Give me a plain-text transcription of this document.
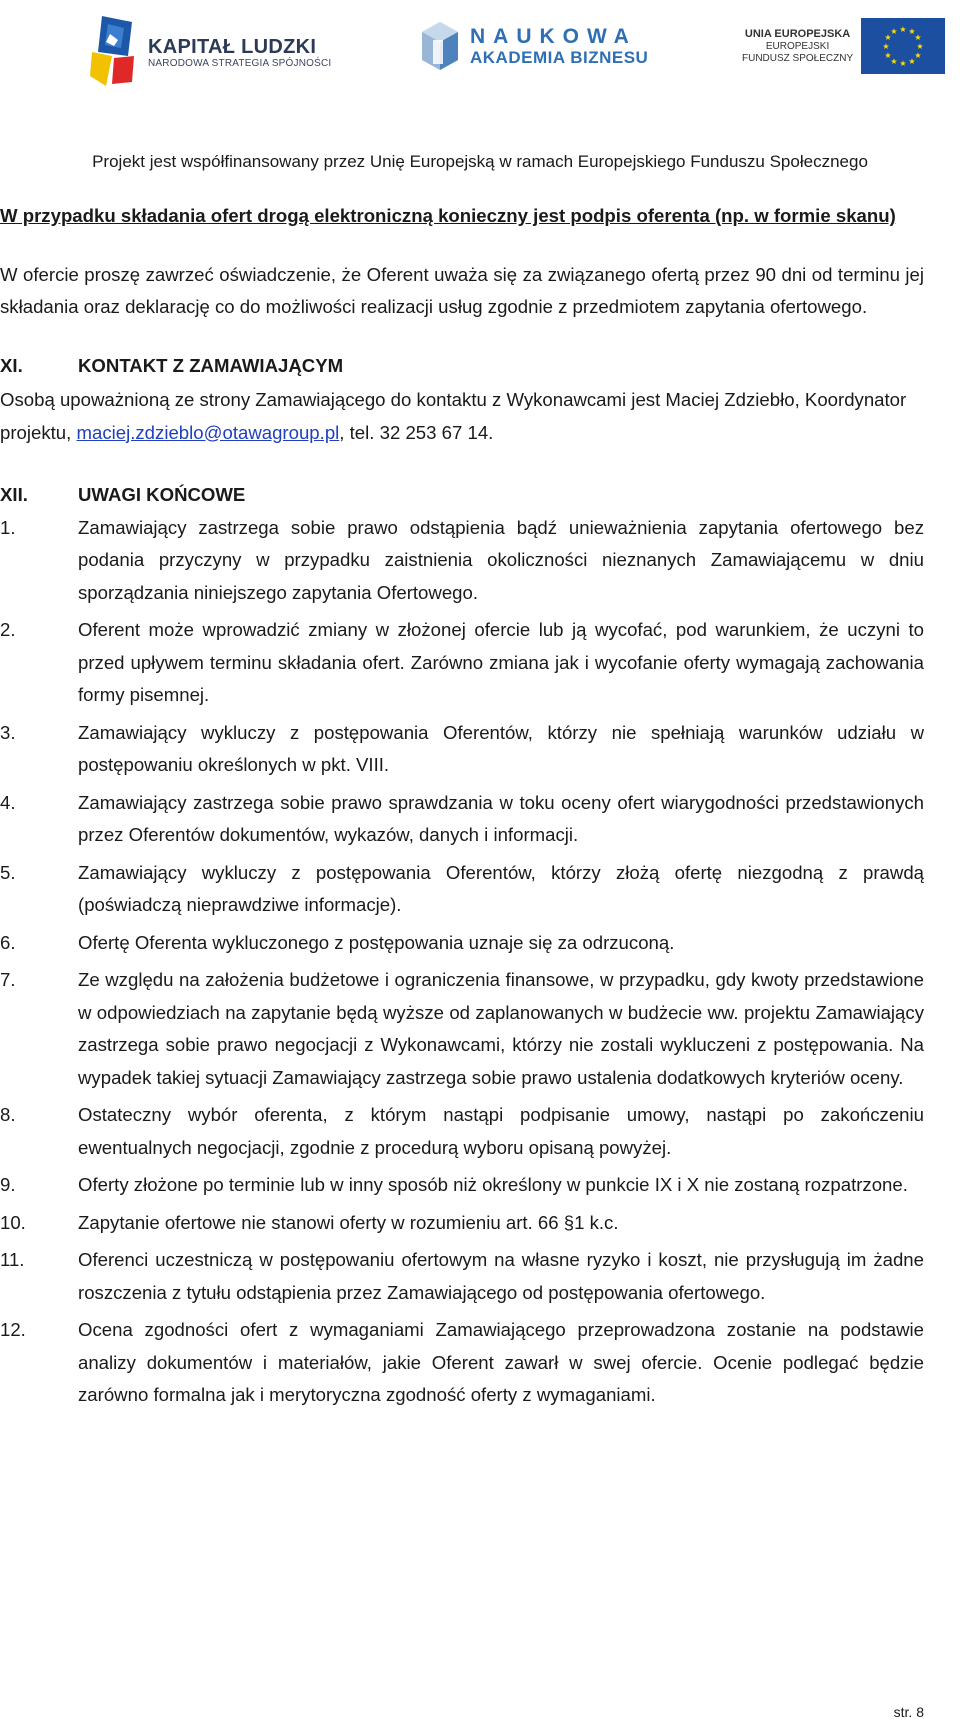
KAPITAŁ LUDZKI
NARODOWA STRATEGIA SPÓJNOŚCI
NAUKOWA
AKADEMIA BIZNESU
UNIA EUROPEJSKA
EUROPEJSKI
FUNDUSZ SPOŁECZNY
★ ★
★
★
★
★
★
★
★
★
★
★
Projekt jest współfinansowany przez Unię Europejską w ramach Europejskiego Funduszu Społecznego

W przypadku składania ofert drogą elektroniczną konieczny jest podpis oferenta (np. w formie skanu)

W ofercie proszę zawrzeć oświadczenie, że Oferent uważa się za związanego ofertą przez 90 dni od terminu jej składania oraz deklarację co do możliwości realizacji usług zgodnie z przedmiotem zapytania ofertowego.

XI.	KONTAKT Z ZAMAWIAJĄCYM

Osobą upoważnioną ze strony Zamawiającego do kontaktu z Wykonawcami jest Maciej Zdziebło, Koordynator projektu, maciej.zdzieblo@otawagroup.pl, tel. 32 253 67 14.

XII.	UWAGI KOŃCOWE
1.	Zamawiający zastrzega sobie prawo odstąpienia bądź unieważnienia zapytania ofertowego bez podania przyczyny w przypadku zaistnienia okoliczności nieznanych Zamawiającemu w dniu sporządzania niniejszego zapytania Ofertowego.
2.	Oferent może wprowadzić zmiany w złożonej ofercie lub ją wycofać, pod warunkiem, że uczyni to przed upływem terminu składania ofert. Zarówno zmiana jak i wycofanie oferty wymagają zachowania formy pisemnej.
3.	Zamawiający wykluczy z postępowania Oferentów, którzy nie spełniają warunków udziału w postępowaniu określonych w pkt. VIII.
4.	Zamawiający zastrzega sobie prawo sprawdzania w toku oceny ofert wiarygodności przedstawionych przez Oferentów dokumentów, wykazów, danych i informacji.
5.	Zamawiający wykluczy z postępowania Oferentów, którzy złożą ofertę niezgodną z prawdą (poświadczą nieprawdziwe informacje).
6.	Ofertę Oferenta wykluczonego z postępowania uznaje się za odrzuconą.
7.	Ze względu na założenia budżetowe i ograniczenia finansowe, w przypadku, gdy kwoty przedstawione w odpowiedziach na zapytanie będą wyższe od zaplanowanych w budżecie ww. projektu Zamawiający zastrzega sobie prawo negocjacji z Wykonawcami, którzy nie zostali wykluczeni z postępowania. Na wypadek takiej sytuacji Zamawiający zastrzega sobie prawo ustalenia dodatkowych kryteriów oceny.
8.	Ostateczny wybór oferenta, z którym nastąpi podpisanie umowy, nastąpi po zakończeniu ewentualnych negocjacji, zgodnie z procedurą wyboru opisaną powyżej.
9.	Oferty złożone po terminie lub w inny sposób niż określony w punkcie IX i X nie zostaną rozpatrzone.
10.	Zapytanie ofertowe nie stanowi oferty w rozumieniu art. 66 §1 k.c.
11.	Oferenci uczestniczą w postępowaniu ofertowym na własne ryzyko i koszt, nie przysługują im żadne roszczenia z tytułu odstąpienia przez Zamawiającego od postępowania ofertowego.
12.	Ocena zgodności ofert z wymaganiami Zamawiającego przeprowadzona zostanie na podstawie analizy dokumentów i materiałów, jakie Oferent zawarł w swej ofercie. Ocenie podlegać będzie zarówno formalna jak i merytoryczna zgodność oferty z wymaganiami.
str. 8
